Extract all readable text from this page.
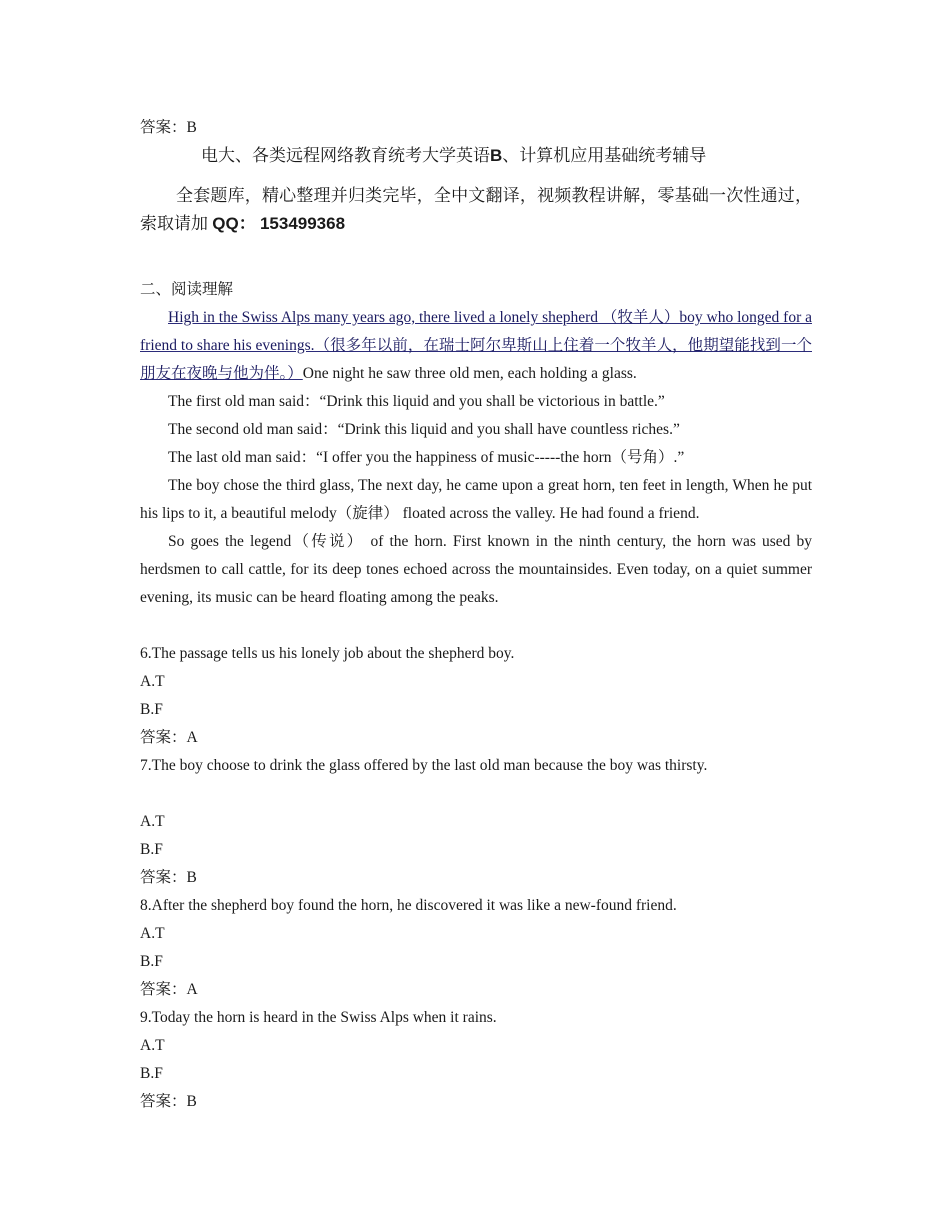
答案：B
电大、各类远程网络教育统考大学英语B、计算机应用基础统考辅导
全套题库，精心整理并归类完毕，全中文翻译，视频教程讲解，零基础一次性通过，索取请加 QQ： 153499368
二、阅读理解
High in the Swiss Alps many years ago, there lived a lonely shepherd （牧羊人）boy who longed for a friend to share his evenings.（很多年以前，在瑞士阿尔卑斯山上住着一个牧羊人，他期望能找到一个朋友在夜晚与他为伴。）One night he saw three old men, each holding a glass.
The first old man said：“Drink this liquid and you shall be victorious in battle.”
The second old man said：“Drink this liquid and you shall have countless riches.”
The last old man said：“I offer you the happiness of music-----the horn（号角）.”
The boy chose the third glass, The next day, he came upon a great horn, ten feet in length, When he put his lips to it, a beautiful melody（旋律） floated across the valley. He had found a friend.
So goes the legend（传说） of the horn. First known in the ninth century, the horn was used by herdsmen to call cattle, for its deep tones echoed across the mountainsides. Even today, on a quiet summer evening, its music can be heard floating among the peaks.
6.The passage tells us his lonely job about the shepherd boy.
A.T
B.F
答案：A
7.The boy choose to drink the glass offered by the last old man because the boy was thirsty.
A.T
B.F
答案：B
8.After the shepherd boy found the horn, he discovered it was like a new-found friend.
A.T
B.F
答案：A
9.Today the horn is heard in the Swiss Alps when it rains.
A.T
B.F
答案：B
